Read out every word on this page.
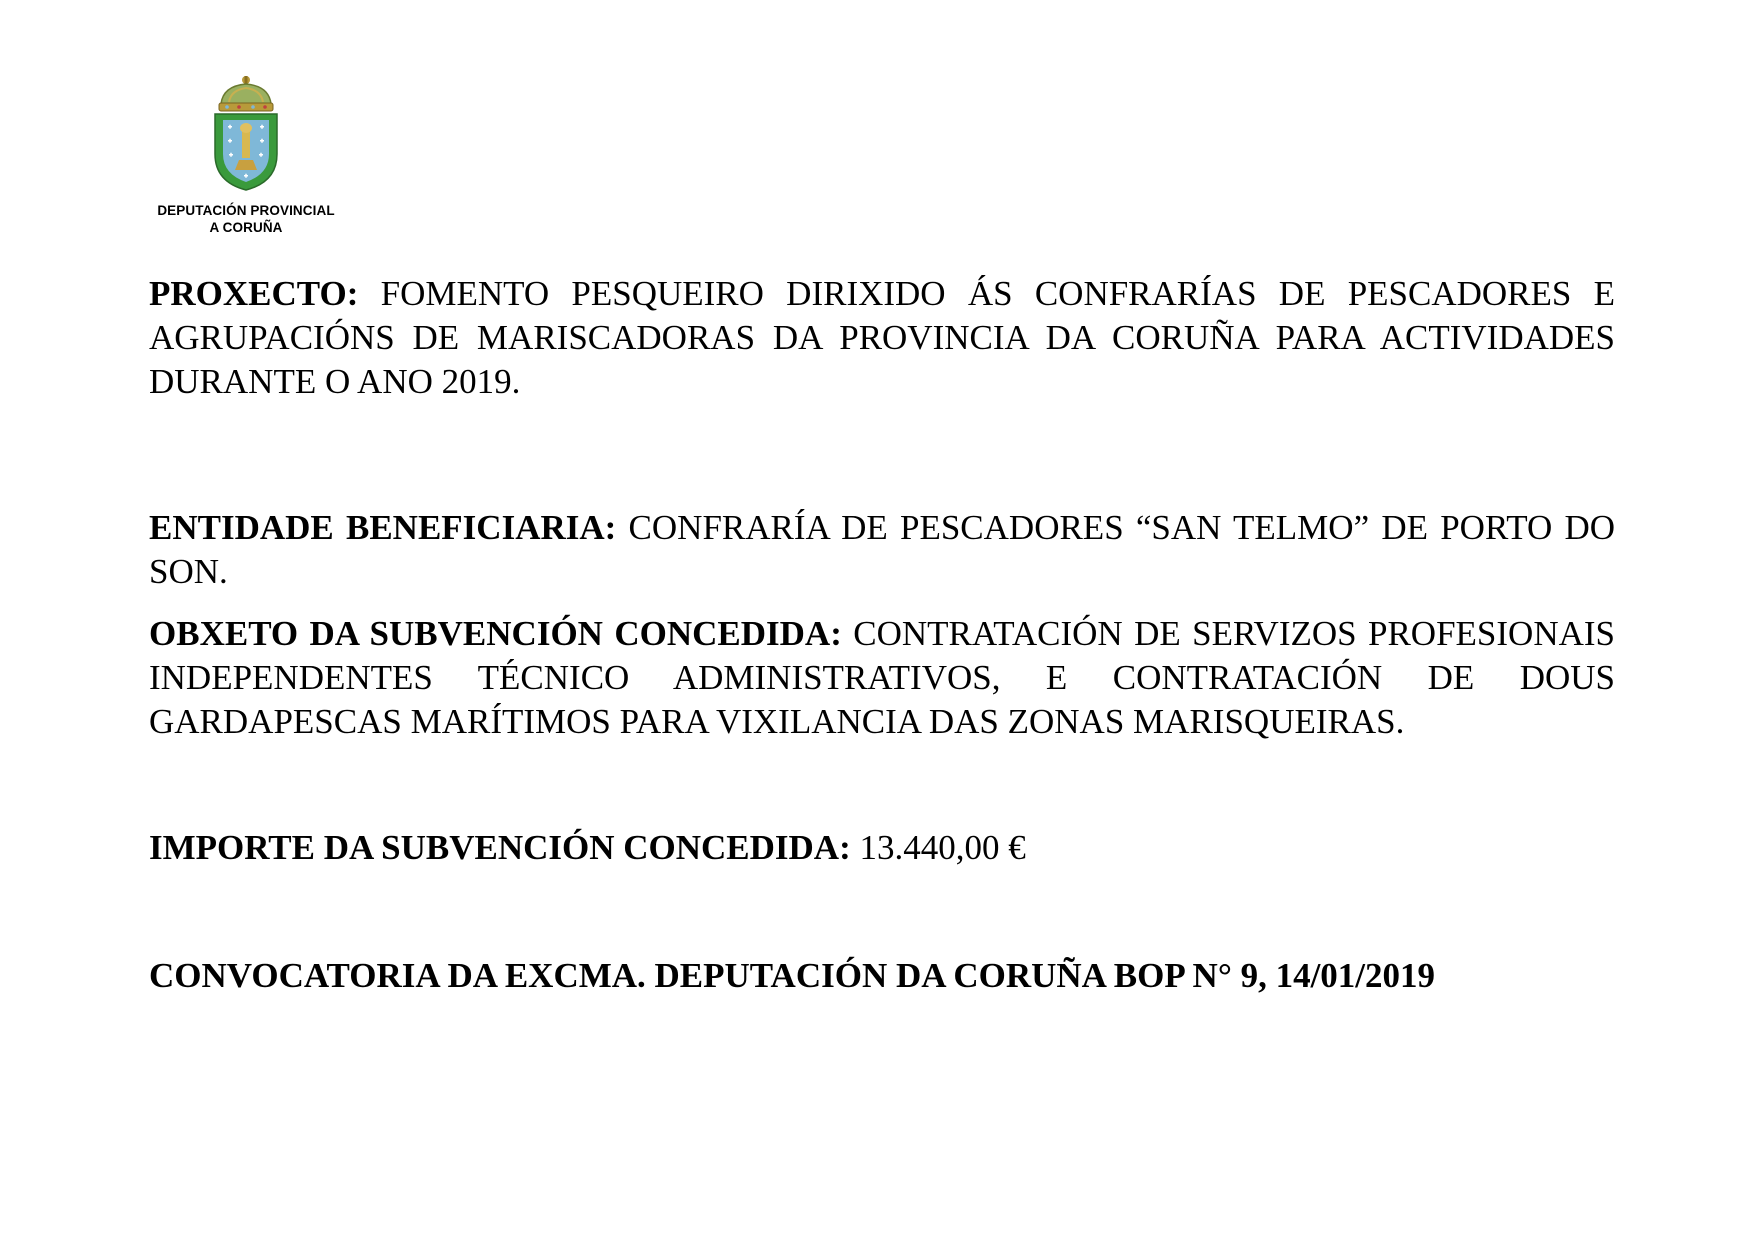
DEPUTACIÓN PROVINCIAL
A CORUÑA

PROXECTO: FOMENTO PESQUEIRO DIRIXIDO ÁS CONFRARÍAS DE PESCADORES E AGRUPACIÓNS DE MARISCADORAS DA PROVINCIA DA CORUÑA PARA ACTIVIDADES DURANTE O ANO 2019.

ENTIDADE BENEFICIARIA: CONFRARÍA DE PESCADORES “SAN TELMO” DE PORTO DO SON.

OBXETO DA SUBVENCIÓN CONCEDIDA: CONTRATACIÓN DE SERVIZOS PROFESIONAIS INDEPENDENTES TÉCNICO ADMINISTRATIVOS, E CONTRATACIÓN DE DOUS GARDAPESCAS MARÍTIMOS PARA VIXILANCIA DAS ZONAS MARISQUEIRAS.

IMPORTE DA SUBVENCIÓN CONCEDIDA: 13.440,00 €

CONVOCATORIA DA EXCMA. DEPUTACIÓN DA CORUÑA BOP N° 9, 14/01/2019
